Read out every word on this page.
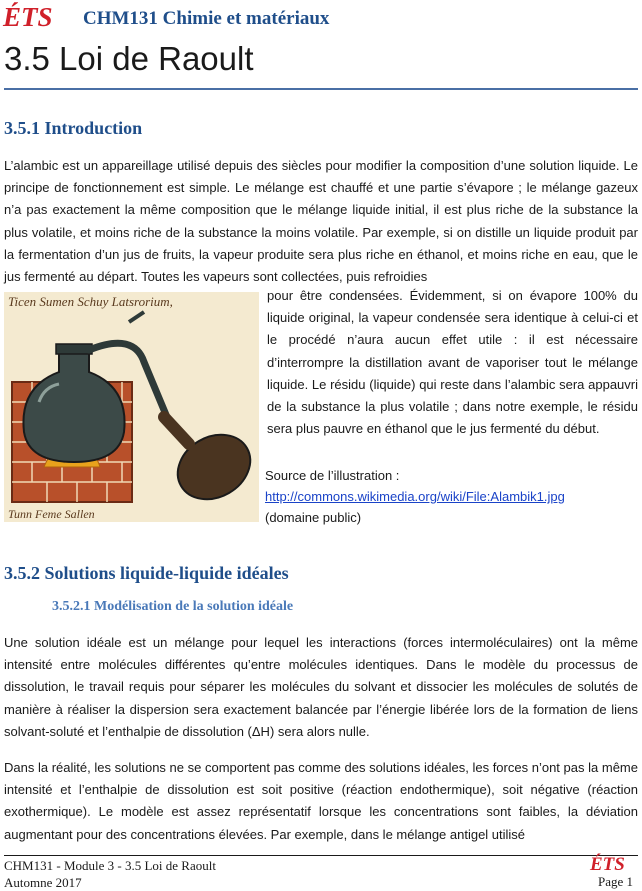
ÉTS CHM131 Chimie et matériaux
3.5 Loi de Raoult
3.5.1 Introduction

L’alambic est un appareillage utilisé depuis des siècles pour modifier la composition d’une solution liquide. Le principe de fonctionnement est simple. Le mélange est chauffé et une partie s’évapore ; le mélange gazeux n’a pas exactement la même composition que le mélange liquide initial, il est plus riche de la substance la plus volatile, et moins riche de la substance la moins volatile. Par exemple, si on distille un liquide produit par la fermentation d’un jus de fruits, la vapeur produite sera plus riche en éthanol, et moins riche en eau, que le jus fermenté au départ. Toutes les vapeurs sont collectées, puis refroidies

Ticen Sumen Schuy Latsrorium,
Tunn Feme Sallen

pour être condensées. Évidemment, si on évapore 100% du liquide original, la vapeur condensée sera identique à celui-ci et le procédé n’aura aucun effet utile : il est nécessaire d’interrompre la distillation avant de vaporiser tout le mélange liquide. Le résidu (liquide) qui reste dans l’alambic sera appauvri de la substance la plus volatile ; dans notre exemple, le résidu sera plus pauvre en éthanol que le jus fermenté du début.

Source de l’illustration :
http://commons.wikimedia.org/wiki/File:Alambik1.jpg
(domaine public)
3.5.2 Solutions liquide-liquide idéales
3.5.2.1 Modélisation de la solution idéale

Une solution idéale est un mélange pour lequel les interactions (forces intermoléculaires) ont la même intensité entre molécules différentes qu’entre molécules identiques. Dans le modèle du processus de dissolution, le travail requis pour séparer les molécules du solvant et dissocier les molécules de solutés de manière à réaliser la dispersion sera exactement balancée par l’énergie libérée lors de la formation de liens solvant-soluté et l’enthalpie de dissolution (ΔH) sera alors nulle.

Dans la réalité, les solutions ne se comportent pas comme des solutions idéales, les forces n’ont pas la même intensité et l’enthalpie de dissolution est soit positive (réaction endothermique), soit négative (réaction exothermique). Le modèle est assez représentatif lorsque les concentrations sont faibles, la déviation augmentant pour des concentrations élevées. Par exemple, dans le mélange antigel utilisé

CHM131 - Module 3 - 3.5 Loi de Raoult
Automne 2017
ÉTS
Page 1
